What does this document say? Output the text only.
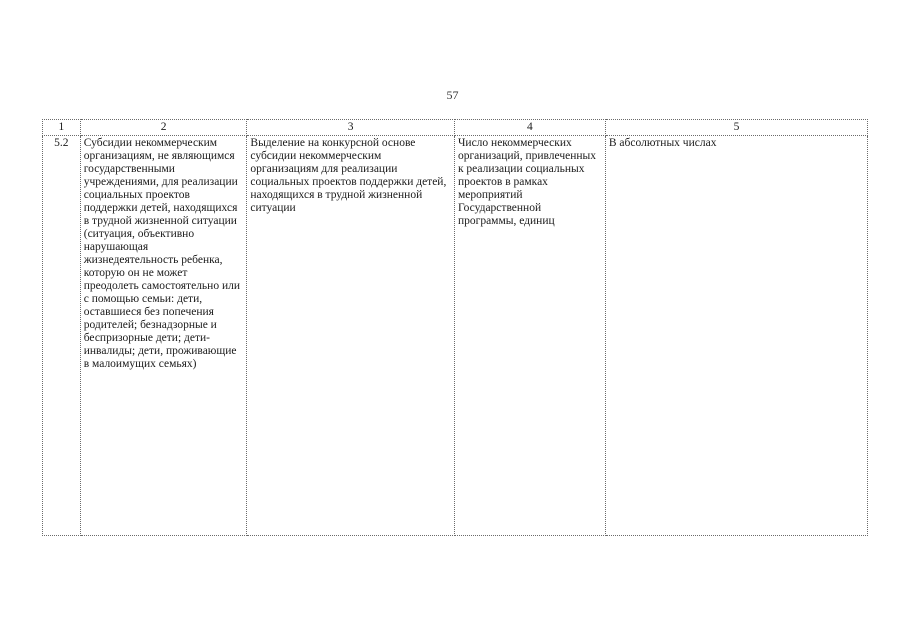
57
1	2	3	4	5
5.2	Субсидии некоммерческим организациям, не являющимся государственными учреждениями, для реализации социальных проектов поддержки детей, находящихся в трудной жизненной ситуации (ситуация, объективно нарушающая жизнедеятельность ребенка, которую он не может преодолеть самостоятельно или с помощью семьи: дети, оставшиеся без попечения родителей; безнадзорные и беспризорные дети; дети-инвалиды; дети, проживающие в малоимущих семьях)	Выделение на конкурсной основе субсидии некоммерческим организациям для реализации социальных проектов поддержки детей, находящихся в трудной жизненной ситуации	Число некоммерческих организаций, привлеченных к реализации социальных проектов в рамках мероприятий Государственной программы, единиц	В абсолютных числах
